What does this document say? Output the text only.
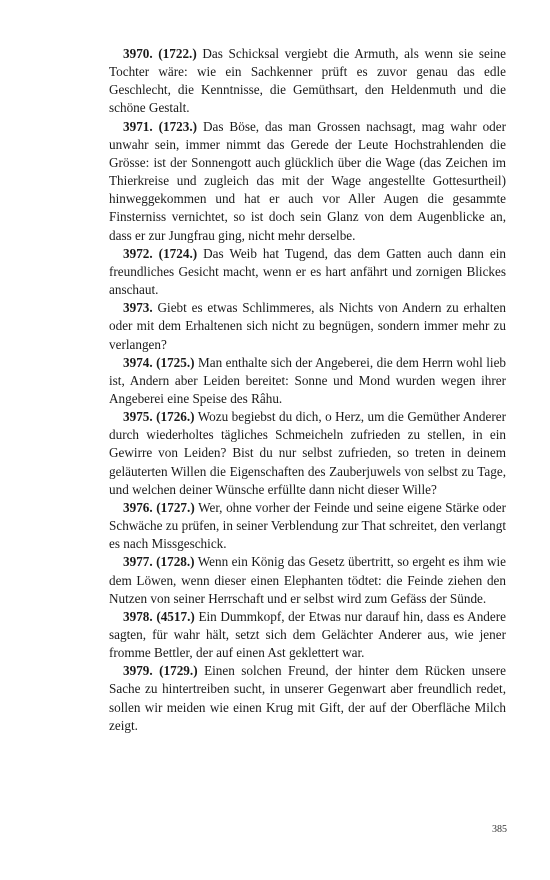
3970. (1722.) Das Schicksal vergiebt die Armuth, als wenn sie seine Tochter wäre: wie ein Sachkenner prüft es zuvor genau das edle Geschlecht, die Kenntnisse, die Gemüthsart, den Heldenmuth und die schöne Gestalt.

3971. (1723.) Das Böse, das man Grossen nachsagt, mag wahr oder unwahr sein, immer nimmt das Gerede der Leute Hochstrahlenden die Grösse: ist der Sonnengott auch glücklich über die Wage (das Zeichen im Thierkreise und zugleich das mit der Wage angestellte Gottesurtheil) hinweggekommen und hat er auch vor Aller Augen die gesammte Finsterniss vernichtet, so ist doch sein Glanz von dem Augenblicke an, dass er zur Jungfrau ging, nicht mehr derselbe.

3972. (1724.) Das Weib hat Tugend, das dem Gatten auch dann ein freundliches Gesicht macht, wenn er es hart anfährt und zornigen Blickes anschaut.

3973. Giebt es etwas Schlimmeres, als Nichts von Andern zu erhalten oder mit dem Erhaltenen sich nicht zu begnügen, sondern immer mehr zu verlangen?

3974. (1725.) Man enthalte sich der Angeberei, die dem Herrn wohl lieb ist, Andern aber Leiden bereitet: Sonne und Mond wurden wegen ihrer Angeberei eine Speise des Râhu.

3975. (1726.) Wozu begiebst du dich, o Herz, um die Gemüther Anderer durch wiederholtes tägliches Schmeicheln zufrieden zu stellen, in ein Gewirre von Leiden? Bist du nur selbst zufrieden, so treten in deinem geläuterten Willen die Eigenschaften des Zauberjuwels von selbst zu Tage, und welchen deiner Wünsche erfüllte dann nicht dieser Wille?

3976. (1727.) Wer, ohne vorher der Feinde und seine eigene Stärke oder Schwäche zu prüfen, in seiner Verblendung zur That schreitet, den verlangt es nach Missgeschick.

3977. (1728.) Wenn ein König das Gesetz übertritt, so ergeht es ihm wie dem Löwen, wenn dieser einen Elephanten tödtet: die Feinde ziehen den Nutzen von seiner Herrschaft und er selbst wird zum Gefäss der Sünde.

3978. (4517.) Ein Dummkopf, der Etwas nur darauf hin, dass es Andere sagten, für wahr hält, setzt sich dem Gelächter Anderer aus, wie jener fromme Bettler, der auf einen Ast geklettert war.

3979. (1729.) Einen solchen Freund, der hinter dem Rücken unsere Sache zu hintertreiben sucht, in unserer Gegenwart aber freundlich redet, sollen wir meiden wie einen Krug mit Gift, der auf der Oberfläche Milch zeigt.

385
